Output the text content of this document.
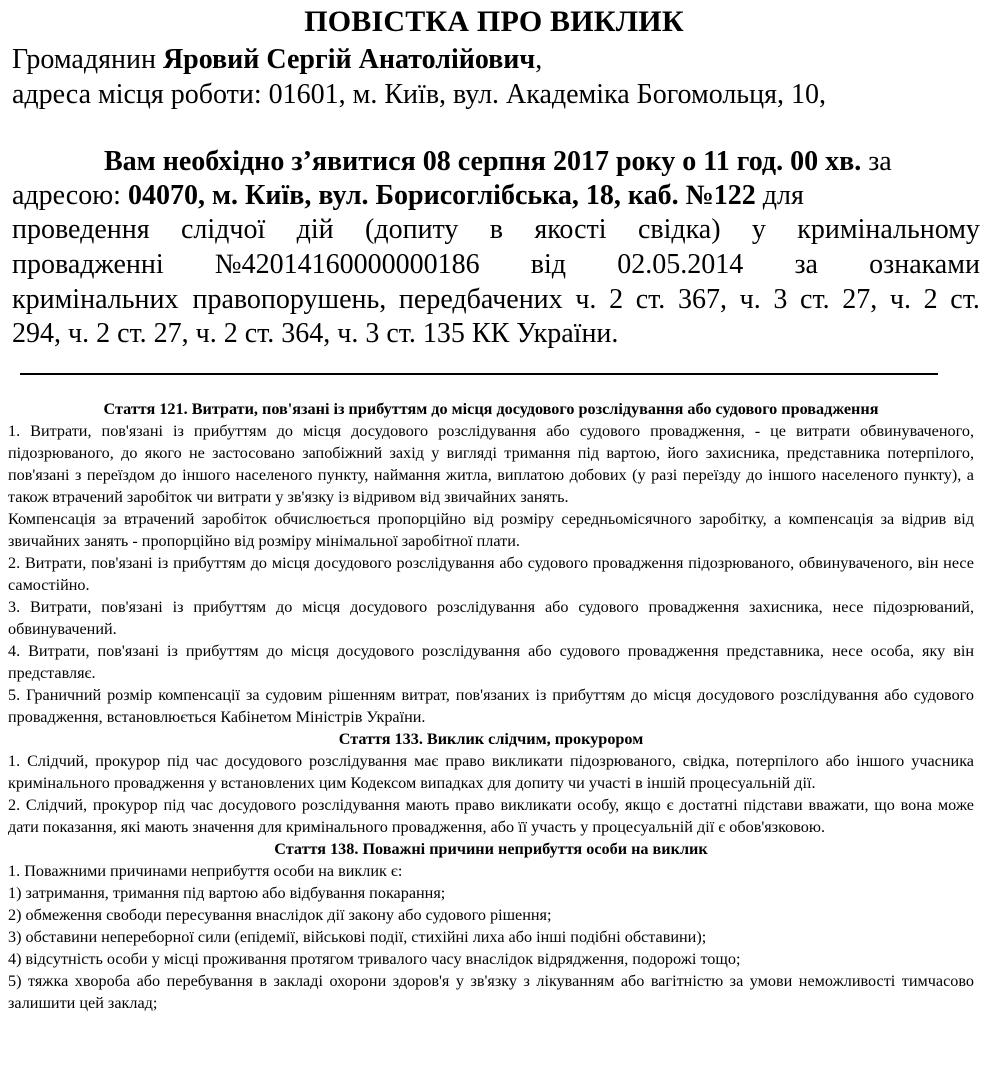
ПОВІСТКА ПРО ВИКЛИК
Громадянин Яровий Сергій Анатолійович,
адреса місця роботи: 01601, м. Київ, вул. Академіка Богомольця, 10,
Вам необхідно з’явитися 08 серпня 2017 року о 11 год. 00 хв. за
адресою: 04070, м. Київ, вул. Борисоглібська, 18, каб. №122 для
проведення слідчої дій (допиту в якості свідка) у кримінальному
провадженні №42014160000000186 від 02.05.2014 за ознаками
кримінальних  правопорушень, передбачених ч. 2 ст. 367, ч. 3 ст. 27, ч. 2 ст.
294, ч. 2 ст. 27, ч. 2 ст. 364, ч. 3 ст. 135 КК України.

Стаття 121. Витрати, пов'язані із прибуттям до місця досудового розслідування або судового провадження

1. Витрати, пов'язані із прибуттям до місця досудового розслідування або судового провадження, - це витрати обвинуваченого, підозрюваного, до якого не застосовано запобіжний захід у вигляді тримання під вартою, його захисника, представника потерпілого, пов'язані з переїздом до іншого населеного пункту, наймання житла, виплатою добових (у разі переїзду до іншого населеного пункту), а також втрачений заробіток чи витрати у зв'язку із відривом від звичайних занять.

Компенсація за втрачений заробіток обчислюється пропорційно від розміру середньомісячного заробітку, а компенсація за відрив від звичайних занять - пропорційно від розміру мінімальної заробітної плати.

2. Витрати, пов'язані із прибуттям до місця досудового розслідування або судового провадження підозрюваного, обвинуваченого, він несе самостійно.

3. Витрати, пов'язані із прибуттям до місця досудового розслідування або судового провадження захисника, несе підозрюваний, обвинувачений.

4. Витрати, пов'язані із прибуттям до місця досудового розслідування або судового провадження представника, несе особа, яку він представляє.

5. Граничний розмір компенсації за судовим рішенням витрат, пов'язаних із прибуттям до місця досудового розслідування або судового провадження, встановлюється Кабінетом Міністрів України.

Стаття 133. Виклик слідчим, прокурором

1. Слідчий, прокурор під час досудового розслідування має право викликати підозрюваного, свідка, потерпілого або іншого учасника кримінального провадження у встановлених цим Кодексом випадках для допиту чи участі в іншій процесуальній дії.

2. Слідчий, прокурор під час досудового розслідування мають право викликати особу, якщо є достатні підстави вважати, що вона може дати показання, які мають значення для кримінального провадження, або її участь у процесуальній дії є обов'язковою.

Стаття 138. Поважні причини неприбуття особи на виклик

1. Поважними причинами неприбуття особи на виклик є:

1) затримання, тримання під вартою або відбування покарання;

2) обмеження свободи пересування внаслідок дії закону або судового рішення;

3) обставини непереборної сили (епідемії, військові події, стихійні лиха або інші подібні обставини);

4) відсутність особи у місці проживання протягом тривалого часу внаслідок відрядження, подорожі тощо;

5) тяжка хвороба або перебування в закладі охорони здоров'я у зв'язку з лікуванням або вагітністю за умови неможливості тимчасово залишити цей заклад;
